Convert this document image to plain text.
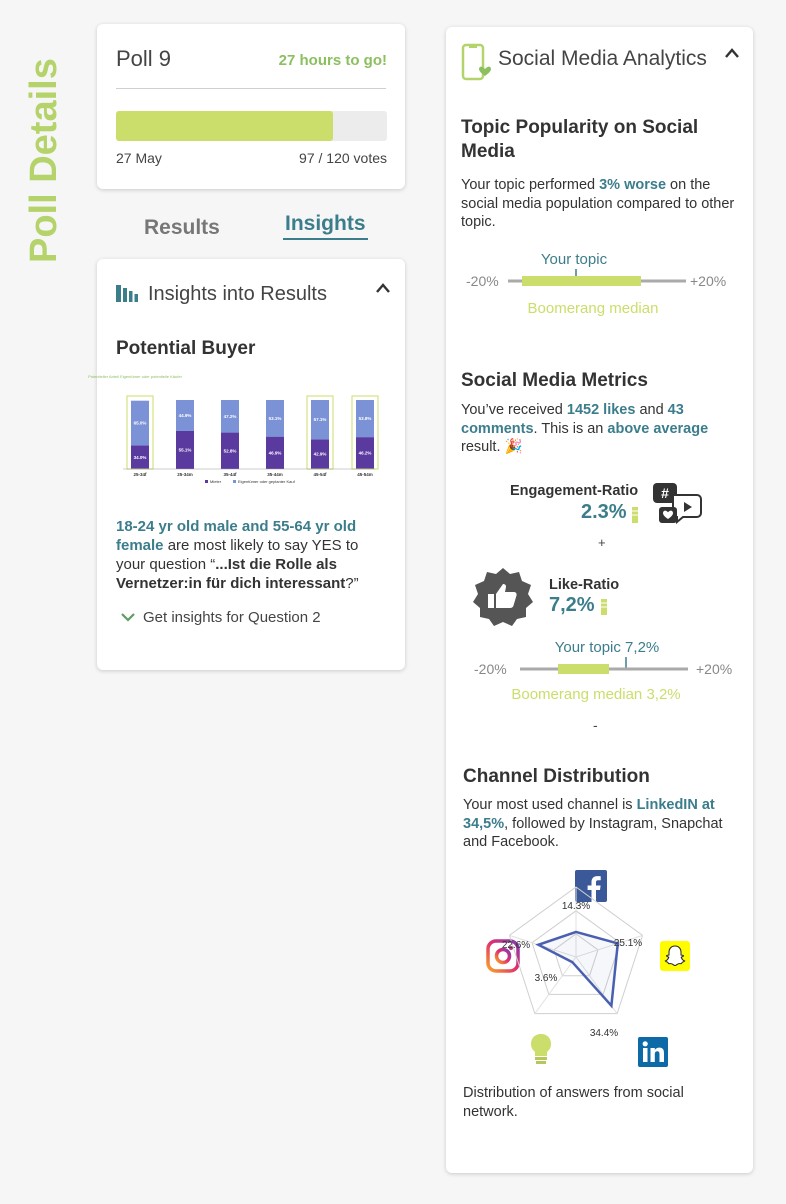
Poll Details Poll 9	27 hours to go!
27 May	97 / 120 votes
Results	Insights
Insights into Results
Potential Buyer
Potentieller Anteil Eigentümer oder potentielle Käufer
65.0%
34.0%
25-34f
44.9%
55.1%
25-34m
47.2%
52.8%
35-44f
53.1%
46.9%
35-44m
57.1%
42.9%
45-54f
53.8%
46.2%
45-54m
Mieter	Eigentümer oder geplanter Kauf
18-24 yr old male and 55-64 yr old female are most likely to say YES to your question “...Ist die Rolle als Vernetzer:in für dich interessant?”
Get insights for Question 2
Social Media Analytics
Topic Popularity on Social Media
Your topic performed 3% worse on the social media population compared to other topic.
Your topic
-20%	+20%
Boomerang median
Social Media Metrics
You’ve received 1452 likes and 43 comments. This is an above average result. 🎉
Engagement-Ratio
2.3%
#
+
Like-Ratio
7,2%
Your topic 7,2%
-20%	+20%
Boomerang median 3,2%
-
Channel Distribution
Your most used channel is LinkedIN at 34,5%, followed by Instagram, Snapchat and Facebook.
14.3%
25.1%
34.4%
3.6%
22.6%
Distribution of answers from social network.
